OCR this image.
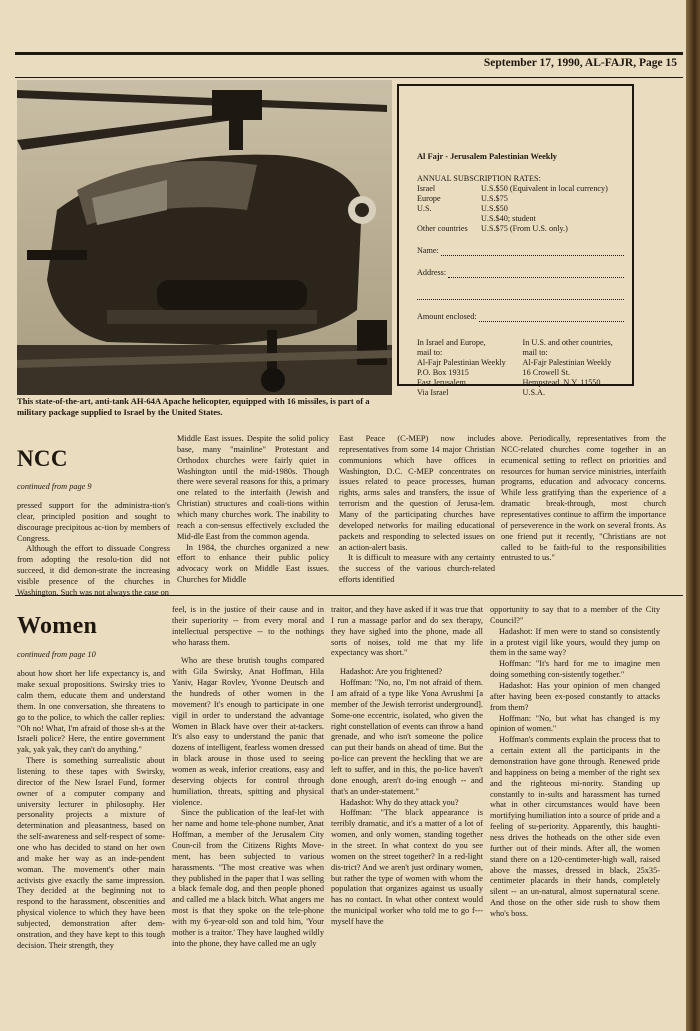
September 17, 1990, AL-FAJR, Page 15
This state-of-the-art, anti-tank AH-64A Apache helicopter, equipped with 16 missiles, is part of a military package supplied to Israel by the United States.
Al Fajr - Jerusalem Palestinian Weekly
ANNUAL SUBSCRIPTION RATES:
Israel	U.S.$50 (Equivalent in local currency)
Europe	U.S.$75
U.S.	U.S.$50
U.S.$40; student
Other countries	U.S.$75 (From U.S. only.)
Name:
Address:
Amount enclosed:
In Israel and Europe,
mail to:
Al-Fajr Palestinian Weekly
P.O. Box 19315
East Jerusalem
Via Israel
In U.S. and other countries,
mail to:
Al-Fajr Palestinian Weekly
16 Crowell St.
Hempstead, N.Y. 11550
U.S.A.
NCC
continued from page 9

pressed support for the administra-tion's clear, principled position and sought to discourage precipitous ac-tion by members of Congress.

Although the effort to dissuade Congress from adopting the resolu-tion did not succeed, it did demon-strate the increasing visible presence of the churches in Washington. Such was not always the case on

Middle East issues. Despite the solid policy base, many "mainline" Protestant and Orthodox churches were fairly quiet in Washington until the mid-1980s. Though there were several reasons for this, a primary one related to the interfaith (Jewish and Christian) structures and coali-tions within which many churches work. The inability to reach a con-sensus effectively excluded the Mid-dle East from the common agenda.

In 1984, the churches organized a new effort to enhance their public policy advocacy work on Middle East issues. Churches for Middle

East Peace (C-MEP) now includes representatives from some 14 major Christian communions which have offices in Washington, D.C. C-MEP concentrates on issues related to peace processes, human rights, arms sales and transfers, the issue of terrorism and the question of Jerusa-lem. Many of the participating churches have developed networks for mailing educational packets and responding to selected issues on an action-alert basis.

It is difficult to measure with any certainty the success of the various church-related efforts identified

above. Periodically, representatives from the NCC-related churches come together in an ecumenical setting to reflect on priorities and resources for human service ministries, interfaith programs, education and advocacy concerns. While less gratifying than the experience of a dramatic break-through, most church representatives continue to affirm the importance of perseverence in the work on several fronts. As one friend put it recently, "Christians are not called to be faith-ful to the responsibilities entrusted to us."

Women
continued from page 10

about how short her life expectancy is, and make sexual propositions. Swirsky tries to calm them, educate them and understand them. In one conversation, she threatens to go to the police, to which the caller replies: "Oh no! What, I'm afraid of those sh-s at the Israeli police? Here, the entire government yak, yak yak, they can't do anything."

There is something surrealistic about listening to these tapes with Swirsky, director of the New Israel Fund, former owner of a computer company and university lecturer in philosophy. Her personality projects a mixture of determination and pleasantness, based on the self-awareness and self-respect of some-one who has decided to stand on her own and make her way as an inde-pendent woman. The movement's other main activists give exactly the same impression. They decided at the beginning not to respond to the harassment, obscenities and physical violence to which they have been subjected, demonstration after dem-onstration, and they have kept to this tough decision. Their strength, they

feel, is in the justice of their cause and in their superiority -- from every moral and intellectual perspective -- to the nothings who harass them.

Who are these brutish toughs compared with Gila Swirsky, Anat Hoffman, Hila Yaniv, Hagar Rovlev, Yvonne Deutsch and the hundreds of other women in the movement? It's enough to participate in one vigil in order to understand the advantage Women in Black have over their at-tackers. It's also easy to understand the panic that dozens of intelligent, fearless women dressed in black arouse in those used to seeing women as weak, inferior creations, easy and deserving objects for control through humiliation, threats, spitting and physical violence.

Since the publication of the leaf-let with her name and home tele-phone number, Anat Hoffman, a member of the Jerusalem City Coun-cil from the Citizens Rights Move-ment, has been subjected to various harassments. "The most creative was when they published in the paper that I was selling a black female dog, and then people phoned and called me a black bitch. What angers me most is that they spoke on the tele-phone with my 6-year-old son and told him, 'Your mother is a traitor.' They have laughed wildly into the phone, they have called me an ugly

traitor, and they have asked if it was true that I run a massage parlor and do sex therapy, they have sighed into the phone, made all sorts of noises, told me that my life expectancy was short."

Hadashot: Are you frightened?

Hoffman: "No, no, I'm not afraid of them. I am afraid of a type like Yona Avrushmi [a member of the Jewish terrorist underground]. Some-one eccentric, isolated, who given the right constellation of events can throw a hand grenade, and who isn't someone the police can put their hands on ahead of time. But the po-lice can prevent the heckling that we are left to suffer, and in this, the po-lice haven't done enough, aren't do-ing enough -- and that's an under-statement."

Hadashot: Why do they attack you?

Hoffman: "The black appearance is terribly dramatic, and it's a matter of a lot of women, and only women, standing together in the street. In what context do you see women on the street together? In a red-light dis-trict? And we aren't just ordinary women, but rather the type of women with whom the population that organizes against us usually has no contact. In what other context would the municipal worker who told me to go f--- myself have the

opportunity to say that to a member of the City Council?"

Hadashot: If men were to stand so consistently in a protest vigil like yours, would they jump on them in the same way?

Hoffman: "It's hard for me to imagine men doing something con-sistently together."

Hadashot: Has your opinion of men changed after having been ex-posed constantly to attacks from them?

Hoffman: "No, but what has changed is my opinion of women."

Hoffman's comments explain the process that to a certain extent all the participants in the demonstration have gone through. Renewed pride and happiness on being a member of the right sex and the righteous mi-nority. Standing up constantly to in-sults and harassment has turned what in other circumstances would have been mortifying humiliation into a source of pride and a feeling of su-periority. Apparently, this haughti-ness drives the hotheads on the other side even further out of their minds. After all, the women stand there on a 120-centimeter-high wall, raised above the masses, dressed in black, 25x35-centimeter placards in their hands, completely silent -- an un-natural, almost supernatural scene. And those on the other side rush to show them who's boss.
